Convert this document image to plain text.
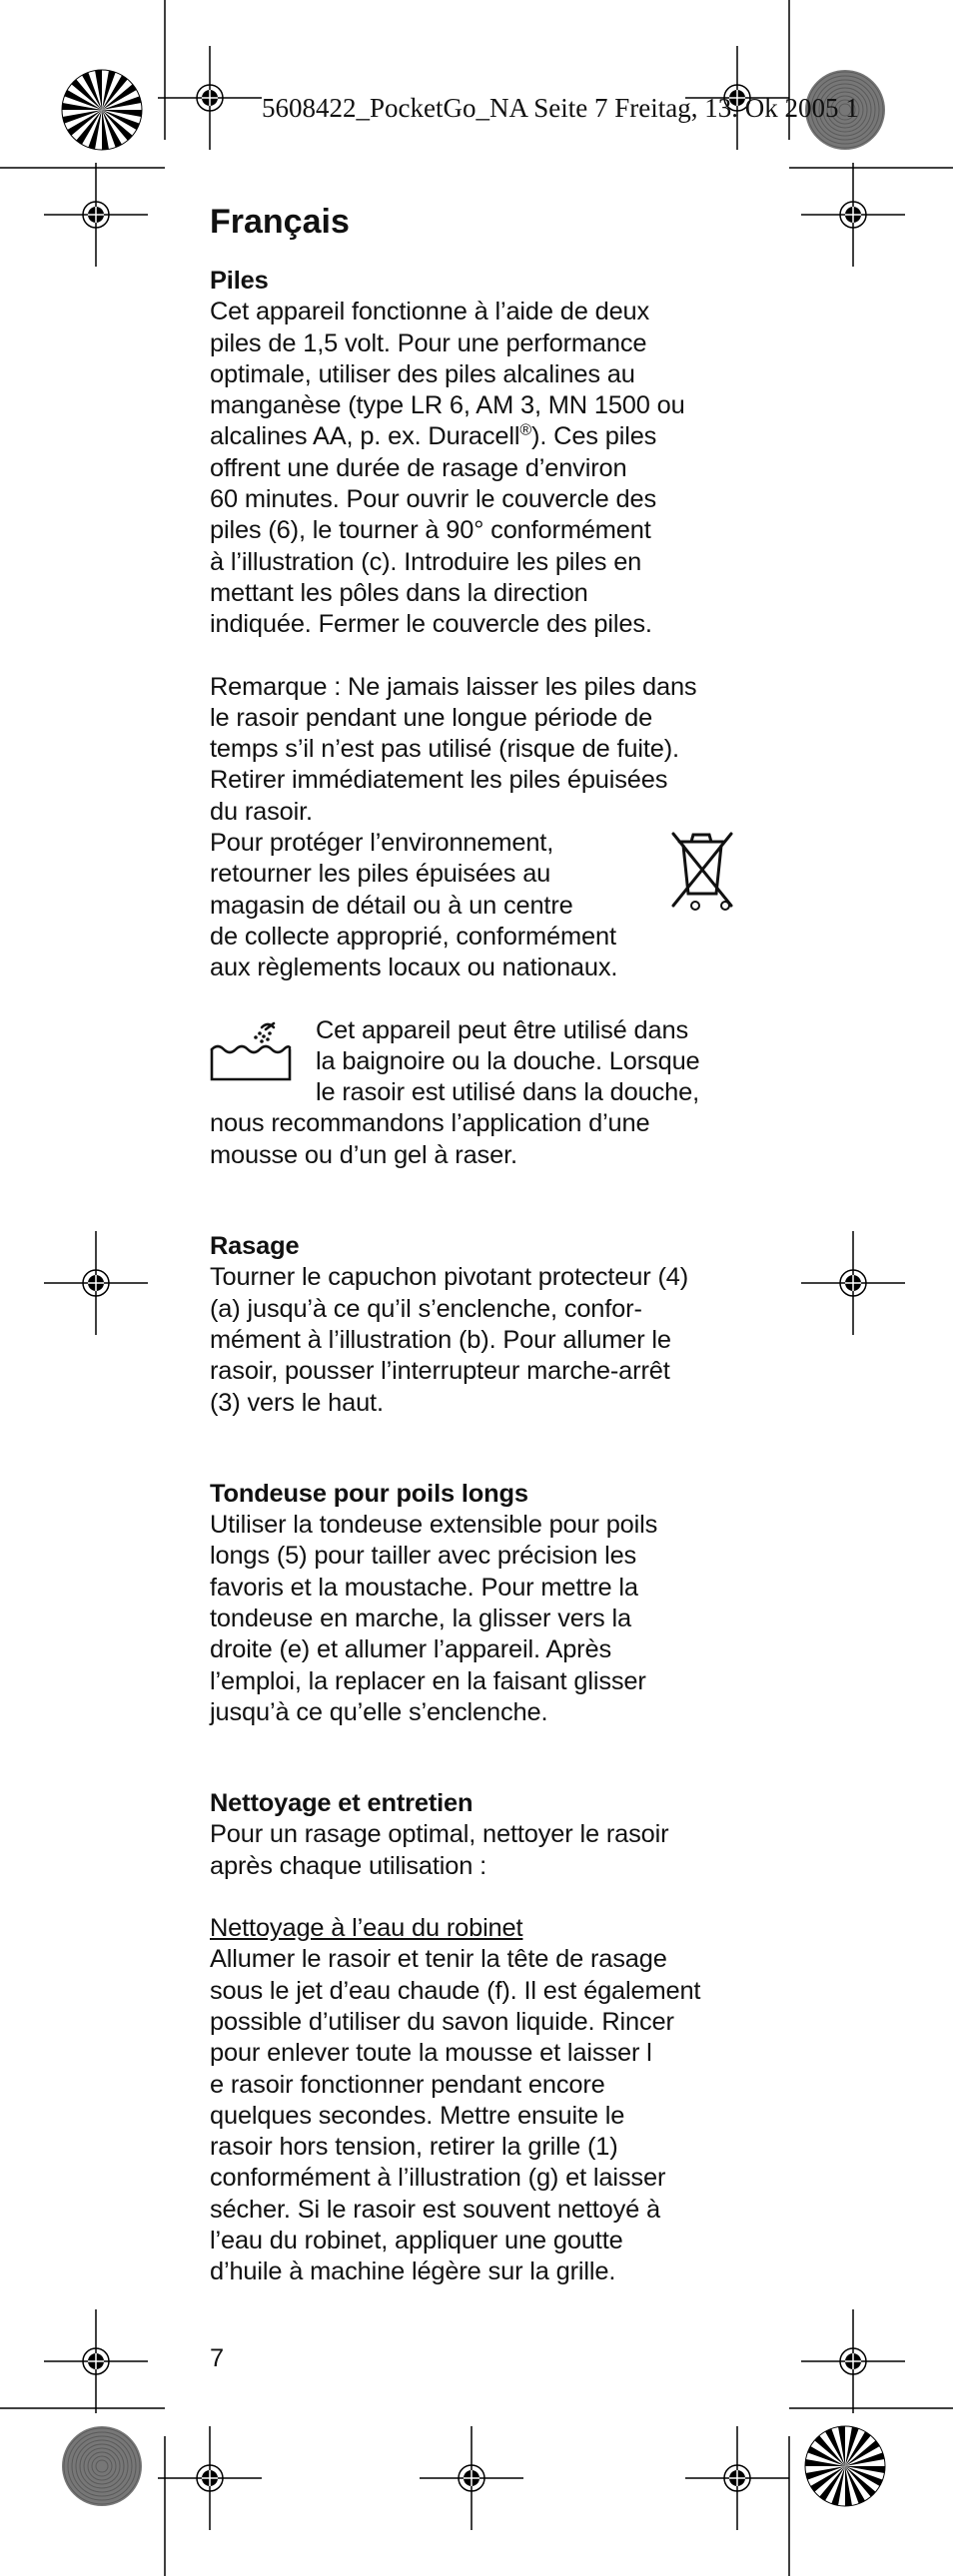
5608422_PocketGo_NA Seite 7 Freitag, 13. Ok 2005 1
Français
Piles

Cet appareil fonctionne à l’aide de deux
piles de 1,5 volt. Pour une performance
optimale, utiliser des piles alcalines au
manganèse (type LR 6, AM 3, MN 1500 ou
alcalines AA, p. ex. Duracell®). Ces piles
offrent une durée de rasage d’environ
60 minutes. Pour ouvrir le couvercle des
piles (6), le tourner à 90° conformément
à l’illustration (c). Introduire les piles en
mettant les pôles dans la direction
indiquée. Fermer le couvercle des piles.

Remarque : Ne jamais laisser les piles dans
le rasoir pendant une longue période de
temps s’il n’est pas utilisé (risque de fuite).
Retirer immédiatement les piles épuisées
du rasoir.

Pour protéger l’environnement,
retourner les piles épuisées au
magasin de détail ou à un centre
de collecte approprié, conformément
aux règlements locaux ou nationaux.

Cet appareil peut être utilisé dans
la baignoire ou la douche. Lorsque
le rasoir est utilisé dans la douche,
nous recommandons l’application d’une
mousse ou d’un gel à raser.

Rasage

Tourner le capuchon pivotant protecteur (4)
(a) jusqu’à ce qu’il s’enclenche, confor-
mément à l’illustration (b). Pour allumer le
rasoir, pousser l’interrupteur marche-arrêt
(3) vers le haut.

Tondeuse pour poils longs

Utiliser la tondeuse extensible pour poils
longs (5) pour tailler avec précision les
favoris et la moustache. Pour mettre la
tondeuse en marche, la glisser vers la
droite (e) et allumer l’appareil. Après
l’emploi, la replacer en la faisant glisser
jusqu’à ce qu’elle s’enclenche.

Nettoyage et entretien

Pour un rasage optimal, nettoyer le rasoir
après chaque utilisation :

Nettoyage à l’eau du robinet
Allumer le rasoir et tenir la tête de rasage
sous le jet d’eau chaude (f). Il est également
possible d’utiliser du savon liquide. Rincer
pour enlever toute la mousse et laisser l
e rasoir fonctionner pendant encore
quelques secondes. Mettre ensuite le
rasoir hors tension, retirer la grille (1)
conformément à l’illustration (g) et laisser
sécher. Si le rasoir est souvent nettoyé à
l’eau du robinet, appliquer une goutte
d’huile à machine légère sur la grille.

7
